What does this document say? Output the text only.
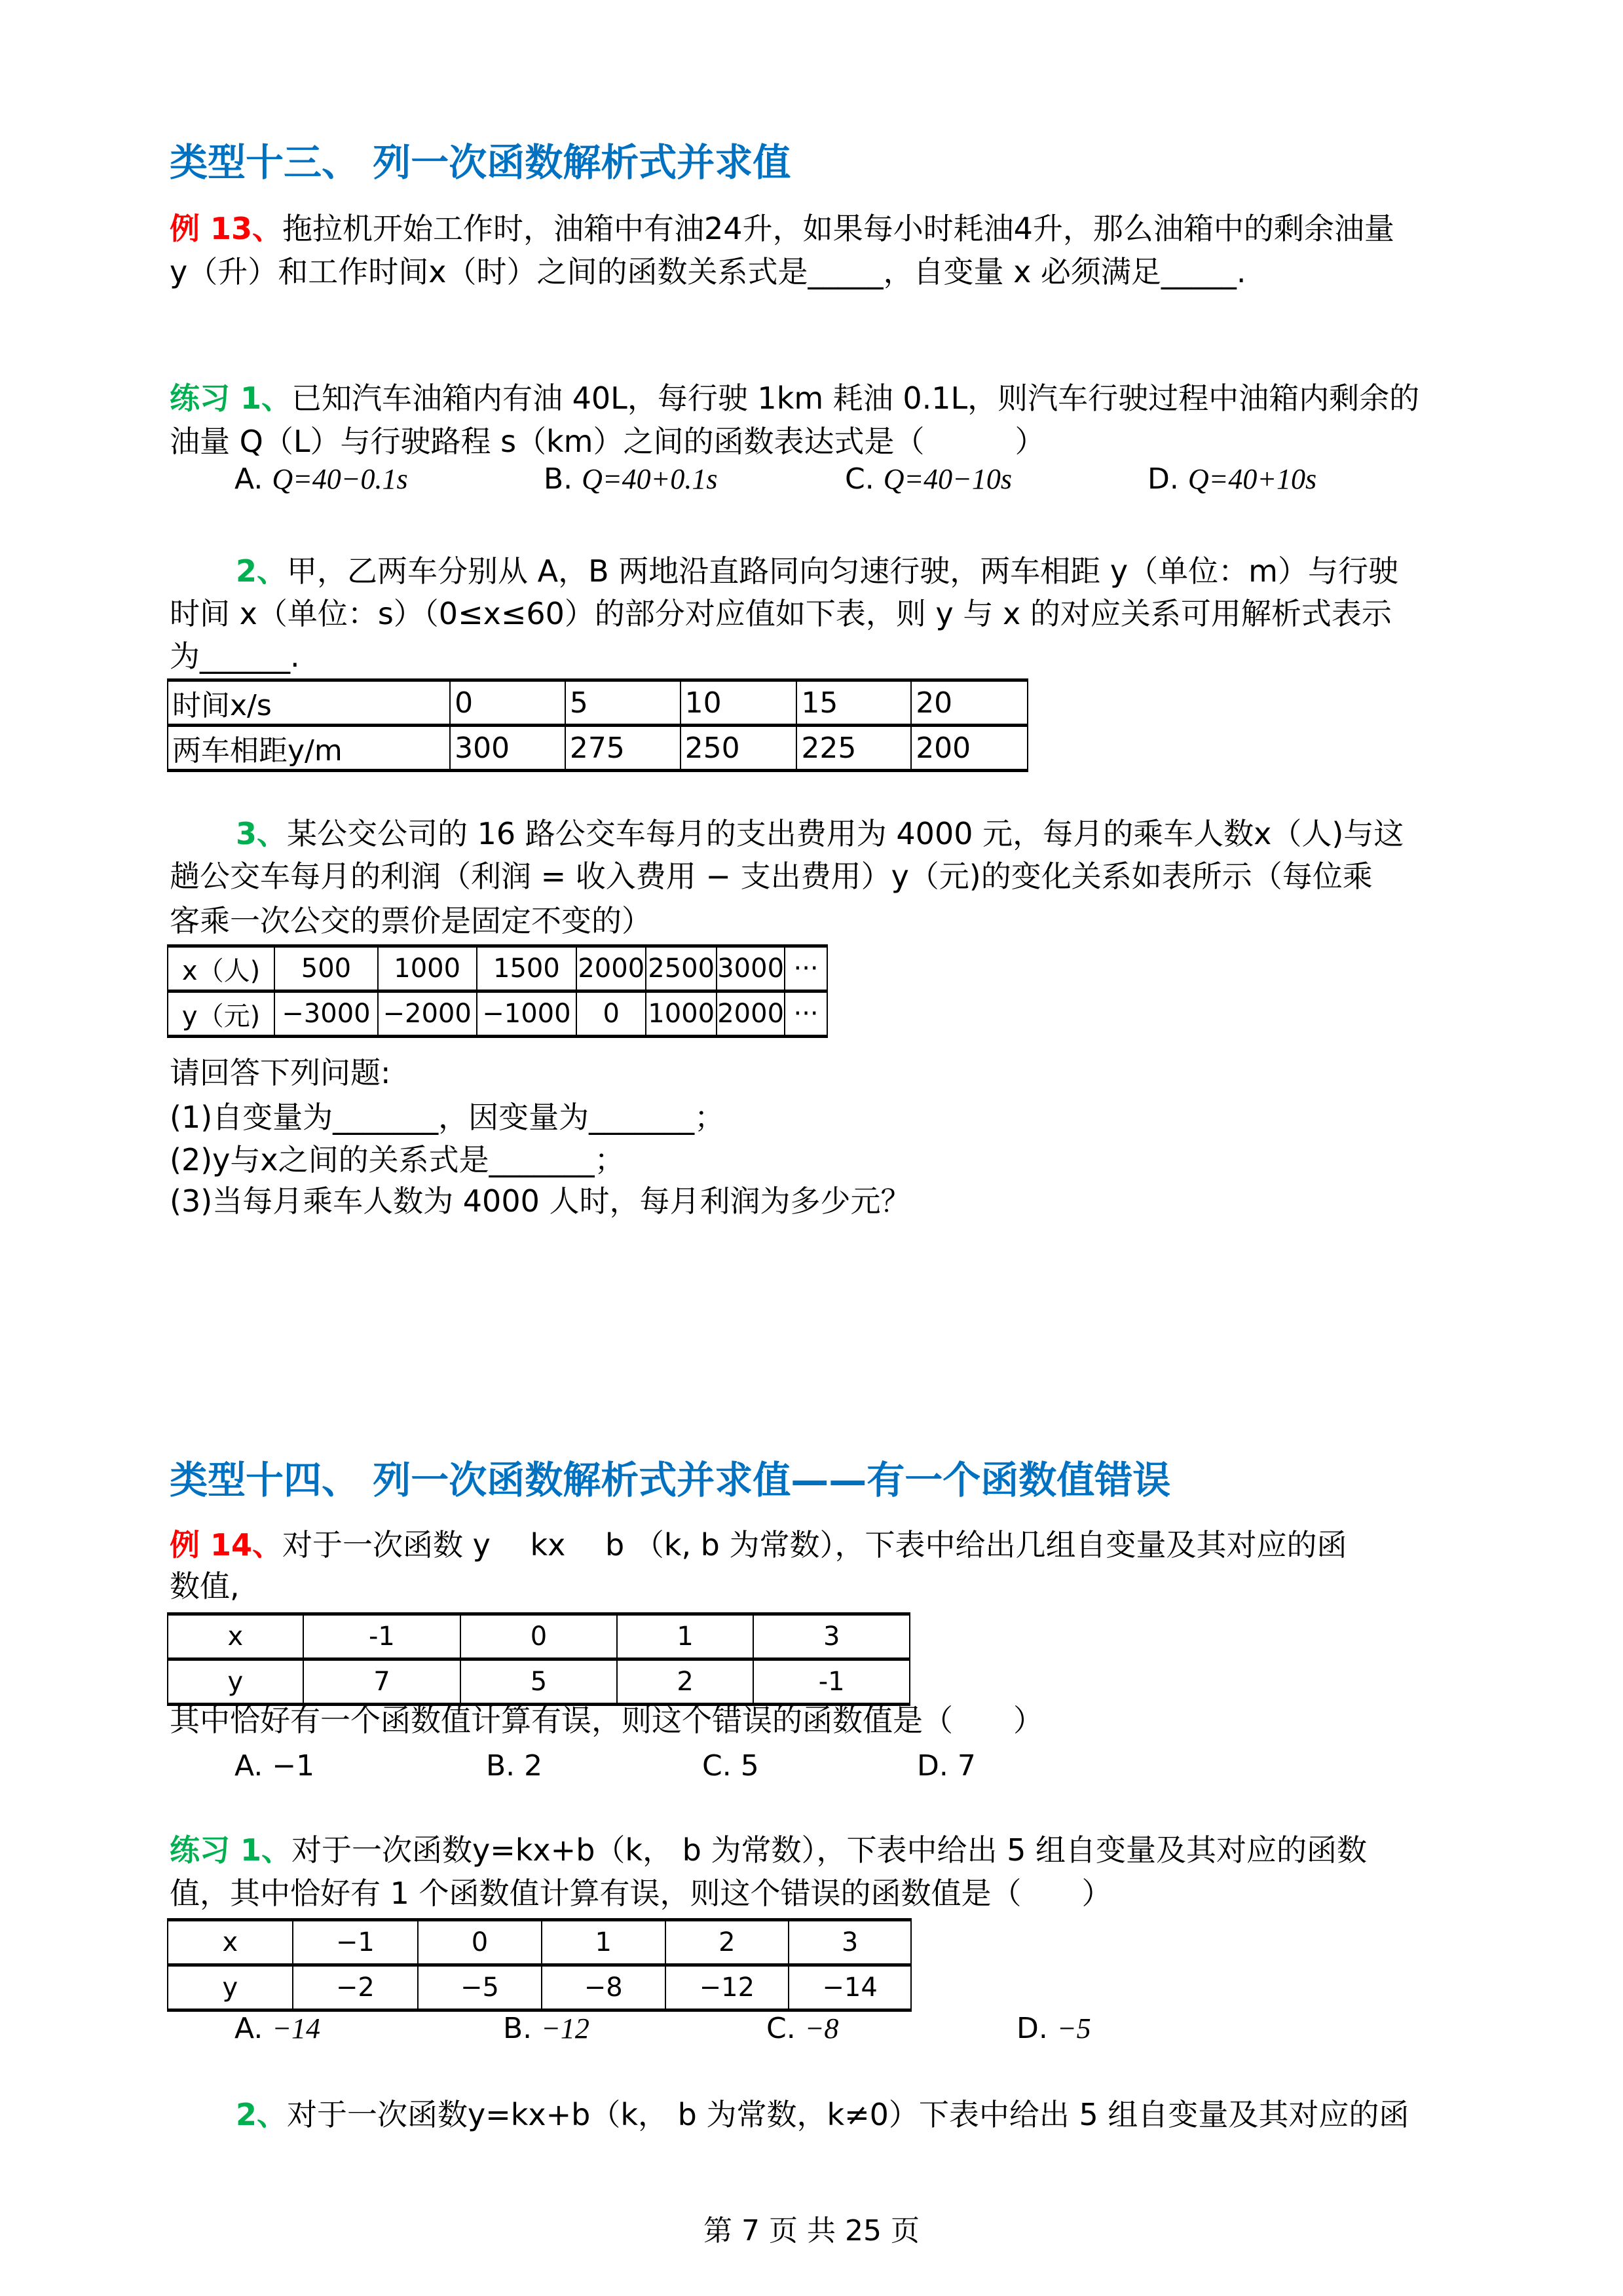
类型十三、 列一次函数解析式并求值
例 13、拖拉机开始工作时，油箱中有油24升，如果每小时耗油4升，那么油箱中的剩余油量
y（升）和工作时间x（时）之间的函数关系式是_____，自变量 x 必须满足_____.
练习 1、已知汽车油箱内有油 40L，每行驶 1km 耗油 0.1L，则汽车行驶过程中油箱内剩余的
油量 Q（L）与行驶路程 s（km）之间的函数表达式是（　　　）
A. Q=40−0.1s	B. Q=40+0.1s	C. Q=40−10s	D. Q=40+10s
2、甲，乙两车分别从 A，B 两地沿直路同向匀速行驶，两车相距 y（单位：m）与行驶
时间 x（单位：s）（0≤x≤60）的部分对应值如下表，则 y 与 x 的对应关系可用解析式表示
为______.
时间x/s	0	5	10	15	20
两车相距y/m	300	275	250	225	200
3、某公交公司的 16 路公交车每月的支出费用为 4000 元，每月的乘车人数x（人)与这
趟公交车每月的利润（利润 = 收入费用 − 支出费用）y（元)的变化关系如表所示（每位乘
客乘一次公交的票价是固定不变的）
x（人)	500	1000	1500	2000	2500	3000	···
y（元)	−3000	−2000	−1000	0	1000	2000	···
请回答下列问题:
(1)自变量为_______，因变量为_______；
(2)y与x之间的关系式是_______；
(3)当每月乘车人数为 4000 人时，每月利润为多少元？
类型十四、 列一次函数解析式并求值——有一个函数值错误
例 14、对于一次函数 y　 kx　 b （k, b 为常数），下表中给出几组自变量及其对应的函
数值,
x	-1	0	1	3
y	7	5	2	-1
其中恰好有一个函数值计算有误，则这个错误的函数值是（　　）
A. −1	B. 2	C. 5	D. 7
练习 1、对于一次函数y=kx+b（k， b 为常数），下表中给出 5 组自变量及其对应的函数
值，其中恰好有 1 个函数值计算有误，则这个错误的函数值是（　　）
x	−1	0	1	2	3
y	−2	−5	−8	−12	−14
A. −14	B. −12	C. −8	D. −5
2、对于一次函数y=kx+b（k， b 为常数，k≠0）下表中给出 5 组自变量及其对应的函
第 7 页 共 25 页
